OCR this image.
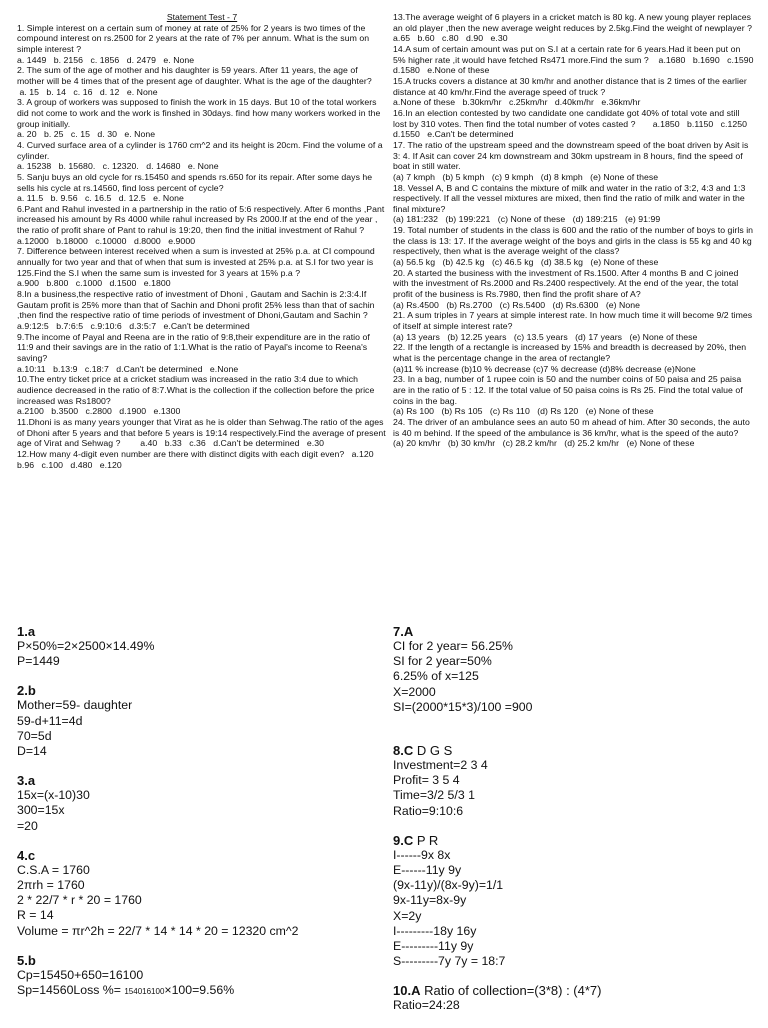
Statement Test - 7

1. Simple interest on a certain sum of money at rate of 25% for 2 years is two times of the compound interest on rs.2500 for 2 years at the rate of 7% per annum. What is the sum on simple interest ?
a. 1449   b. 2156   c. 1856   d. 2479   e. None
2. The sum of the age of mother and his daughter is 59 years. After 11 years, the age of mother will be 4 times that of the present age of daughter. What is the age of the daughter?
a. 15   b. 14   c. 16   d. 12   e. None
3. A group of workers was supposed to finish the work in 15 days. But 10 of the total workers did not come to work and the work is finshed in 30days. find how many workers worked in the group initially.
a. 20   b. 25   c. 15   d. 30   e. None
4. Curved surface area of a cylinder is 1760 cm^2 and its height is 20cm. Find the volume of a cylinder.
a. 15238   b. 15680.   c. 12320.   d. 14680   e. None
5. Sanju buys an old cycle for rs.15450 and spends rs.650 for its repair. After some days he sells his cycle at rs.14560, find loss percent of cycle?
a. 11.5   b. 9.56   c. 16.5   d. 12.5   e. None
6.Pant and Rahul invested in a partnership in the ratio of 5:6 respectively. After 6 months ,Pant increased his amount by Rs 4000 while rahul increased by Rs 2000.If at the end of the year , the ratio of profit share of Pant to rahul is 19:20, then find the initial investment of Rahul ?
a.12000   b.18000   c.10000   d.8000   e.9000
7. Difference between interest received when a sum is invested at 25% p.a. at CI compound annually for two year and that of when that sum is invested at 25% p.a. at S.I for two year is 125.Find the S.I when the same sum is invested for 3 years at 15% p.a ?
a.900   b.800   c.1000   d.1500   e.1800
8.In a business,the respective ratio of investment of Dhoni , Gautam and Sachin is 2:3:4.If Gautam profit is 25% more than that of Sachin and Dhoni profit 25% less than that of sachin ,then find the respective ratio of time periods of investment of Dhoni,Gautam and Sachin ?
a.9:12:5   b.7:6:5   c.9:10:6   d.3:5:7   e.Can't be determined
9.The income of Payal and Reena are in the ratio of 9:8,their expenditure are in the ratio of 11:9 and their savings are in the ratio of 1:1.What is the ratio of Payal's income to Reena's saving?
a.10:11   b.13:9   c.18:7   d.Can't be determined   e.None
10.The entry ticket price at a cricket stadium was increased in the ratio 3:4 due to which audience decreased in the ratio of 8:7.What is the collection if the collection before the price increased was Rs1800?
a.2100   b.3500   c.2800   d.1900   e.1300
11.Dhoni is as many years younger that Virat as he is older than Sehwag.The ratio of the ages of Dhoni after 5 years and that before 5 years is 19:14 respectively.Find the average of present age of Virat and Sehwag ?        a.40   b.33   c.36   d.Can't be determined   e.30
12.How many 4-digit even number are there with distinct digits with each digit even?   a.120   b.96   c.100   d.480   e.120

13.The average weight of 6 players in a cricket match is 80 kg. A new young player replaces an old player ,then the new average weight reduces by 2.5kg.Find the weight of newplayer ?
a.65   b.60   c.80   d.90   e.30
14.A sum of certain amount was put on S.I at a certain rate for 6 years.Had it been put on 5% higher rate ,it would have fetched Rs471 more.Find the sum ?    a.1680   b.1690   c.1590   d.1580   e.None of these
15.A trucks covers a distance at 30 km/hr and another distance that is 2 times of the earlier distance at 40 km/hr.Find the average speed of truck ?
a.None of these   b.30km/hr   c.25km/hr   d.40km/hr   e.36km/hr
16.In an election contested by two candidate one candidate got 40% of total vote and still lost by 310 votes. Then find the total number of votes casted ?       a.1850   b.1150   c.1250   d.1550   e.Can't be determined
17. The ratio of the upstream speed and the downstream speed of the boat driven by Asit is 3: 4. If Asit can cover 24 km downstream and 30km upstream in 8 hours, find the speed of boat in still water.
(a) 7 kmph   (b) 5 kmph   (c) 9 kmph   (d) 8 kmph   (e) None of these
18. Vessel A, B and C contains the mixture of milk and water in the ratio of 3:2, 4:3 and 1:3 respectively. If all the vessel mixtures are mixed, then find the ratio of milk and water in the final mixture?
(a) 181:232   (b) 199:221   (c) None of these   (d) 189:215   (e) 91:99
19. Total number of students in the class is 600 and the ratio of the number of boys to girls in the class is 13: 17. If the average weight of the boys and girls in the class is 55 kg and 40 kg respectively, then what is the average weight of the class?
(a) 56.5 kg   (b) 42.5 kg   (c) 46.5 kg   (d) 38.5 kg   (e) None of these
20. A started the business with the investment of Rs.1500. After 4 months B and C joined with the investment of Rs.2000 and Rs.2400 respectively. At the end of the year, the total profit of the business is Rs.7980, then find the profit share of A?
(a) Rs.4500   (b) Rs.2700   (c) Rs.5400   (d) Rs.6300   (e) None
21. A sum triples in 7 years at simple interest rate. In how much time it will become 9/2 times of itself at simple interest rate?
(a) 13 years   (b) 12.25 years   (c) 13.5 years   (d) 17 years   (e) None of these
22. If the length of a rectangle is increased by 15% and breadth is decreased by 20%, then what is the percentage change in the area of rectangle?
(a)11 % increase (b)10 % decrease (c)7 % decrease (d)8% decrease (e)None
23. In a bag, number of 1 rupee coin is 50 and the number coins of 50 paisa and 25 paisa are in the ratio of 5 : 12. If the total value of 50 paisa coins is Rs 25. Find the total value of coins in the bag.
(a) Rs 100   (b) Rs 105   (c) Rs 110   (d) Rs 120   (e) None of these
24. The driver of an ambulance sees an auto 50 m ahead of him. After 30 seconds, the auto is 40 m behind. If the speed of the ambulance is 36 km/hr, what is the speed of the auto?
(a) 20 km/hr   (b) 30 km/hr   (c) 28.2 km/hr   (d) 25.2 km/hr   (e) None of these

1.a

P×50%=2×2500×14.49%
P=1449

2.b

Mother=59- daughter
59-d+11=4d
70=5d
D=14

3.a

15x=(x-10)30
300=15x
=20

4.c

C.S.A = 1760
2πrh = 1760
2 * 22/7 * r * 20 = 1760
R = 14
Volume = πr^2h = 22/7 * 14 * 14 * 20 = 12320 cm^2

5.b

Cp=15450+650=16100

Sp=14560Loss %= 154016100×100=9.56%

7.A

CI for 2 year= 56.25%
SI for 2 year=50%
6.25% of x=125
X=2000
SI=(2000*15*3)/100 =900

8.C D G S

Investment=2 3 4
Profit= 3 5 4
Time=3/2 5/3 1
Ratio=9:10:6

9.C P R

I------9x 8x
E------11y 9y
(9x-11y)/(8x-9y)=1/1
9x-11y=8x-9y
X=2y
I---------18y 16y
E---------11y 9y
S---------7y 7y = 18:7

10.A Ratio of collection=(3*8) : (4*7)

Ratio=24:28
